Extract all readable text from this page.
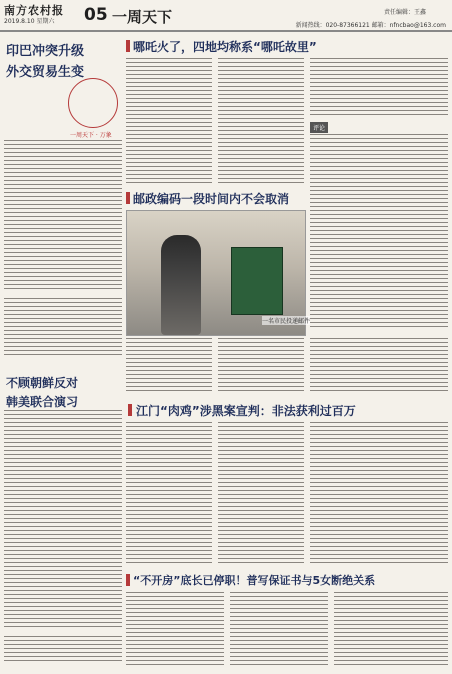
南方农村报
2019.8.10 星期六 05 一周天下	责任编辑：王鑫
新闻热线：020-87366121 邮箱：nfncbao@163.com
印巴冲突升级
外交贸易生变
一周天下 · 万象
不顾朝鲜反对
韩美联合演习
哪吒火了，四地均称系“哪吒故里”
评论
邮政编码一段时间内不会取消
一名市民投递邮件
江门“肉鸡”涉黑案宣判：非法获利过百万
“不开房”底长已停职！普写保证书与5女断绝关系
